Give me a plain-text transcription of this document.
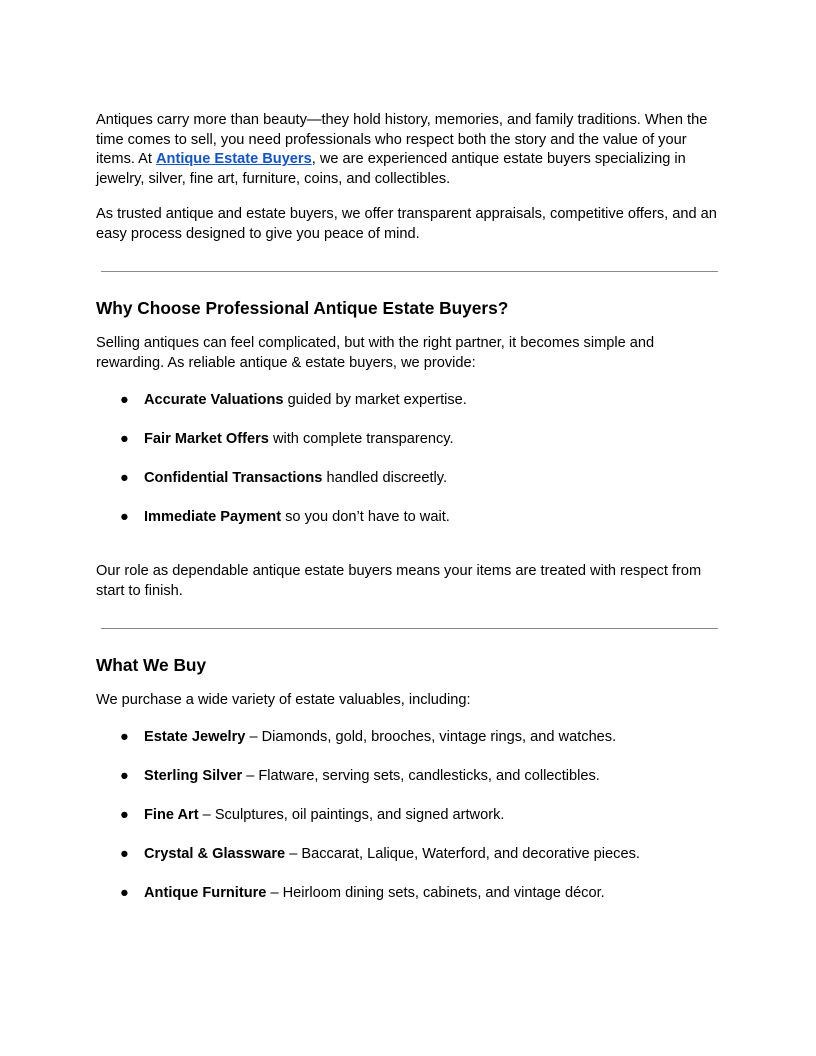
Antiques carry more than beauty—they hold history, memories, and family traditions. When the time comes to sell, you need professionals who respect both the story and the value of your items. At Antique Estate Buyers, we are experienced antique estate buyers specializing in jewelry, silver, fine art, furniture, coins, and collectibles.

As trusted antique and estate buyers, we offer transparent appraisals, competitive offers, and an easy process designed to give you peace of mind.

Why Choose Professional Antique Estate Buyers?

Selling antiques can feel complicated, but with the right partner, it becomes simple and rewarding. As reliable antique & estate buyers, we provide:

● Accurate Valuations guided by market expertise.
● Fair Market Offers with complete transparency.
● Confidential Transactions handled discreetly.
● Immediate Payment so you don’t have to wait.

Our role as dependable antique estate buyers means your items are treated with respect from start to finish.

What We Buy

We purchase a wide variety of estate valuables, including:

● Estate Jewelry – Diamonds, gold, brooches, vintage rings, and watches.
● Sterling Silver – Flatware, serving sets, candlesticks, and collectibles.
● Fine Art – Sculptures, oil paintings, and signed artwork.
● Crystal & Glassware – Baccarat, Lalique, Waterford, and decorative pieces.
● Antique Furniture – Heirloom dining sets, cabinets, and vintage décor.
